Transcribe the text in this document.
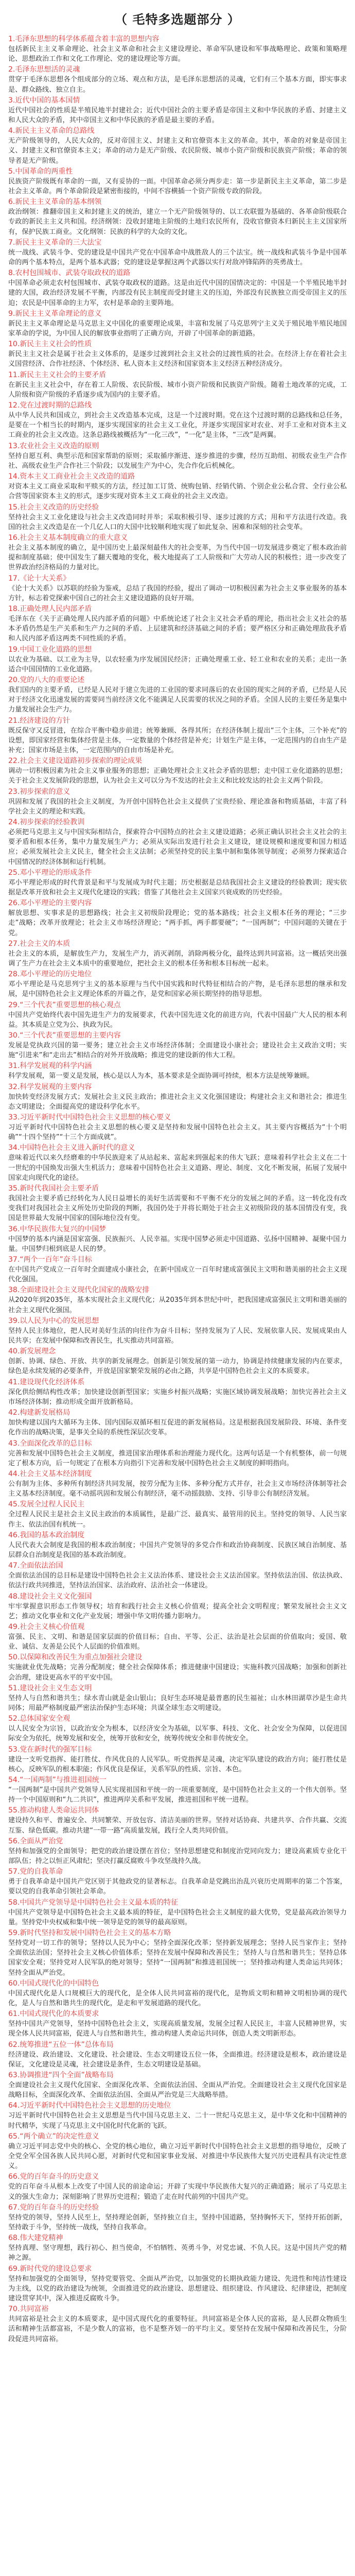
（ 毛特多选题部分 ）
1.毛泽东思想的科学体系蕴含着丰富的思想内容
包括新民主主义革命理论、社会主义革命和社会主义建设理论、革命军队建设和军事战略理论、政策和策略理论、思想政治工作和文化工作理论、党的建设理论等方面。
2.毛泽东思想活的灵魂
贯穿于毛泽东思想各个组成部分的立场、观点和方法，是毛泽东思想活的灵魂，它们有三个基本方面，即实事求是、群众路线、独立自主。
3.近代中国的基本国情
近代中国社会的性质是半殖民地半封建社会；近代中国社会的主要矛盾是帝国主义和中华民族的矛盾、封建主义和人民大众的矛盾，其中帝国主义和中华民族的矛盾是最主要的矛盾。
4.新民主主义革命的总路线
无产阶级领导的，人民大众的，反对帝国主义、封建主义和官僚资本主义的革命。其中，革命的对象是帝国主义、封建主义和官僚资本主义；革命的动力是无产阶级、农民阶级、城市小资产阶级和民族资产阶级；革命的领导者是无产阶级。
5.中国革命的两重性
民族资产阶级既有革命的一面，又有妥协的一面。中国革命必须分两步走：第一步是新民主主义革命，第二步是社会主义革命。两个革命阶段是紧密衔接的，中间不容横插一个资产阶级专政的阶段。
6.新民主主义革命的基本纲领
政治纲领：推翻帝国主义和封建主义的统治，建立一个无产阶级领导的、以工农联盟为基础的、各革命阶级联合专政的新民主主义共和国。经济纲领：没收封建地主阶级的土地归农民所有，没收官僚资本归新民主主义国家所有，保护民族工商业。文化纲领：民族的科学的大众的文化。
7.新民主主义革命的三大法宝
统一战线、武装斗争、党的建设是中国共产党在中国革命中战胜敌人的三个法宝。统一战线和武装斗争是中国革命的两个基本特点，是两个基本武器；党的建设是掌握这两个武器以实行对敌冲锋陷阵的英勇战士。
8.农村包围城市、武装夺取政权的道路
中国革命必须走农村包围城市、武装夺取政权的道路。这是由近代中国的国情决定的：中国是一个半殖民地半封建的大国，政治经济发展不平衡，内部没有民主制度而受封建主义的压迫，外部没有民族独立而受帝国主义的压迫；农民是中国革命的主力军，农村是革命的主要阵地。
9.新民主主义革命理论的意义
新民主主义革命理论是马克思主义中国化的重要理论成果，丰富和发展了马克思列宁主义关于殖民地半殖民地国家革命的学说，为中国人民的解放事业指明了正确方向，开辟了中国革命的新道路。
10.新民主主义社会的性质
新民主主义社会是属于社会主义体系的，是逐步过渡到社会主义社会的过渡性质的社会。在经济上存在着社会主义国营经济、合作社经济、个体经济、私人资本主义经济和国家资本主义经济五种经济成分。
11.新民主主义社会的主要矛盾
在新民主主义社会中，存在着工人阶级、农民阶级、城市小资产阶级和民族资产阶级。随着土地改革的完成，工人阶级和资产阶级的矛盾逐步成为国内的主要矛盾。
12.党在过渡时期的总路线
从中华人民共和国成立，到社会主义改造基本完成，这是一个过渡时期。党在这个过渡时期的总路线和总任务，是要在一个相当长的时期内，逐步实现国家的社会主义工业化，并逐步实现国家对农业、对手工业和对资本主义工商业的社会主义改造。这条总路线被概括为“一化三改”，“一化”是主体，“三改”是两翼。
13.农业社会主义改造的原则
坚持自愿互利、典型示范和国家帮助的原则；采取循序渐进、逐步推进的步骤，经历互助组、初级农业生产合作社、高级农业生产合作社三个阶段；以发展生产为中心，先合作化后机械化。
14.资本主义工商业社会主义改造的道路
对资本主义工商业采取和平赎买的方法，经过加工订货、统购包销、经销代销、个别企业公私合营、全行业公私合营等国家资本主义的形式，逐步实现对资本主义工商业的社会主义改造。
15.社会主义改造的历史经验
坚持社会主义工业化建设与社会主义改造同时并举；采取积极引导、逐步过渡的方式；用和平方法进行改造。我国的社会主义改造是在一个几亿人口的大国中比较顺利地实现了如此复杂、困难和深刻的社会变革。
16.社会主义基本制度确立的重大意义
社会主义基本制度的确立，是中国历史上最深刻最伟大的社会变革，为当代中国一切发展进步奠定了根本政治前提和制度基础；使中国发生了翻天覆地的变化，极大地提高了工人阶级和广大劳动人民的积极性；进一步改变了世界政治经济格局的力量对比。
17.《论十大关系》
《论十大关系》以苏联的经验为鉴戒，总结了我国的经验，提出了调动一切积极因素为社会主义事业服务的基本方针，标志着党探索中国自己的社会主义建设道路的良好开端。
18.正确处理人民内部矛盾
毛泽东在《关于正确处理人民内部矛盾的问题》中系统论述了社会主义社会矛盾的理论，指出社会主义社会的基本矛盾仍然是生产关系和生产力之间的矛盾、上层建筑和经济基础之间的矛盾；要严格区分和正确处理敌我矛盾和人民内部矛盾这两类不同性质的矛盾。
19.中国工业化道路的思想
以农业为基础、以工业为主导，以农轻重为序发展国民经济；正确处理重工业、轻工业和农业的关系；走出一条适合中国国情的工业化道路。
20.党的八大的重要论述
我们国内的主要矛盾，已经是人民对于建立先进的工业国的要求同落后的农业国的现实之间的矛盾，已经是人民对于经济文化迅速发展的需要同当前经济文化不能满足人民需要的状况之间的矛盾。全国人民的主要任务是集中力量发展社会生产力。
21.经济建设的方针
既反保守又反冒进，在综合平衡中稳步前进；统筹兼顾、各得其所；在经济体制上提出“三个主体，三个补充”的设想，即国家经营和集体经营是主体，一定数量的个体经营是补充；计划生产是主体，一定范围内的自由生产是补充；国家市场是主体，一定范围内的自由市场是补充。
22.社会主义建设道路初步探索的理论成果
调动一切积极因素为社会主义事业服务的思想；正确处理社会主义社会矛盾的思想；走中国工业化道路的思想；关于社会主义发展阶段的思想，认为社会主义可以分为不发达的社会主义和比较发达的社会主义两个阶段。
23.初步探索的意义
巩固和发展了我国的社会主义制度，为开创中国特色社会主义提供了宝贵经验、理论准备和物质基础，丰富了科学社会主义的理论和实践。
24.初步探索的经验教训
必须把马克思主义与中国实际相结合，探索符合中国特点的社会主义建设道路；必须正确认识社会主义社会的主要矛盾和根本任务，集中力量发展生产力；必须从实际出发进行社会主义建设，建设规模和速度要和国力相适应；必须发展社会主义民主，健全社会主义法制；必须坚持党的民主集中制和集体领导制度；必须努力探索适合中国情况的经济体制和运行机制。
25.邓小平理论的形成条件
邓小平理论形成的时代背景是和平与发展成为时代主题；历史根据是总结我国社会主义建设的经验教训；现实依据是改革开放和社会主义现代化建设的实践；借鉴了其他社会主义国家兴衰成败的历史经验。
26.邓小平理论的主要内容
解放思想、实事求是的思想路线；社会主义初级阶段理论；党的基本路线；社会主义根本任务的理论；“三步走”战略；改革开放理论；社会主义市场经济理论；“两手抓，两手都要硬”；“一国两制”；中国问题的关键在于党。
27.社会主义的本质
社会主义的本质，是解放生产力，发展生产力，消灭剥削，消除两极分化，最终达到共同富裕。这一概括突出强调了生产力在社会主义本质中的重要地位，把社会主义的根本任务和根本目标统一起来。
28.邓小平理论的历史地位
邓小平理论是马克思列宁主义的基本原理与当代中国实践和时代特征相结合的产物，是毛泽东思想的继承和发展，是中国特色社会主义理论体系的开篇之作，是党和国家必须长期坚持的指导思想。
29.“三个代表”重要思想的核心观点
中国共产党始终代表中国先进生产力的发展要求，代表中国先进文化的前进方向，代表中国最广大人民的根本利益。其本质是立党为公、执政为民。
30.“三个代表”重要思想的主要内容
发展是党执政兴国的第一要务；建立社会主义市场经济体制；全面建设小康社会；建设社会主义政治文明；实施“引进来”和“走出去”相结合的对外开放战略；推进党的建设新的伟大工程。
31.科学发展观的科学内涵
科学发展观，第一要义是发展，核心是以人为本，基本要求是全面协调可持续，根本方法是统筹兼顾。
32.科学发展观的主要内容
加快转变经济发展方式；发展社会主义民主政治；推进社会主义文化强国建设；构建社会主义和谐社会；推进生态文明建设；全面提高党的建设科学化水平。
33.习近平新时代中国特色社会主义思想的核心要义
习近平新时代中国特色社会主义思想的核心要义是坚持和发展中国特色社会主义。其主要内容概括为“十个明确”“十四个坚持”“十三个方面成就”。
34.中国特色社会主义进入新时代的意义
意味着近代以来久经磨难的中华民族迎来了从站起来、富起来到强起来的伟大飞跃；意味着科学社会主义在二十一世纪的中国焕发出强大生机活力；意味着中国特色社会主义道路、理论、制度、文化不断发展，拓展了发展中国家走向现代化的途径。
35.新时代我国社会主要矛盾
我国社会主要矛盾已经转化为人民日益增长的美好生活需要和不平衡不充分的发展之间的矛盾。这一转化没有改变我们对我国社会主义所处历史阶段的判断，我国仍处于并将长期处于社会主义初级阶段的基本国情没有变，我国是世界最大发展中国家的国际地位没有变。
36.中华民族伟大复兴的中国梦
中国梦的基本内涵是国家富强、民族振兴、人民幸福。实现中国梦必须走中国道路、弘扬中国精神、凝聚中国力量。中国梦归根到底是人民的梦。
37.“两个一百年”奋斗目标
在中国共产党成立一百年时全面建成小康社会，在新中国成立一百年时建成富强民主文明和谐美丽的社会主义现代化强国。
38.全面建设社会主义现代化国家的战略安排
从2020年到2035年，基本实现社会主义现代化；从2035年到本世纪中叶，把我国建成富强民主文明和谐美丽的社会主义现代化强国。
39.以人民为中心的发展思想
坚持人民主体地位，把人民对美好生活的向往作为奋斗目标；坚持发展为了人民、发展依靠人民、发展成果由人民共享；在发展中保障和改善民生，扎实推动共同富裕。
40.新发展理念
创新、协调、绿色、开放、共享的新发展理念。创新是引领发展的第一动力，协调是持续健康发展的内在要求，绿色是永续发展的必要条件，开放是国家繁荣发展的必由之路，共享是中国特色社会主义的本质要求。
41.建设现代化经济体系
深化供给侧结构性改革；加快建设创新型国家；实施乡村振兴战略；实施区域协调发展战略；加快完善社会主义市场经济体制；推动形成全面开放新格局。
42.构建新发展格局
加快构建以国内大循环为主体、国内国际双循环相互促进的新发展格局。这是根据我国发展阶段、环境、条件变化作出的战略决策，是事关全局的系统性深层次变革。
43.全面深化改革的总目标
完善和发展中国特色社会主义制度，推进国家治理体系和治理能力现代化。这两句话是一个有机整体，前一句规定了根本方向，后一句规定了在根本方向指引下完善和发展中国特色社会主义制度的鲜明指向。
44.社会主义基本经济制度
公有制为主体、多种所有制经济共同发展，按劳分配为主体、多种分配方式并存，社会主义市场经济体制等社会主义基本经济制度。毫不动摇巩固和发展公有制经济，毫不动摇鼓励、支持、引导非公有制经济发展。
45.发展全过程人民民主
全过程人民民主是社会主义民主政治的本质属性，是最广泛、最真实、最管用的民主。坚持党的领导、人民当家作主、依法治国有机统一。
46.我国的基本政治制度
人民代表大会制度是我国的根本政治制度；中国共产党领导的多党合作和政治协商制度、民族区域自治制度、基层群众自治制度是我国的基本政治制度。
47.全面依法治国
全面依法治国的总目标是建设中国特色社会主义法治体系、建设社会主义法治国家。坚持依法治国、依法执政、依法行政共同推进，坚持法治国家、法治政府、法治社会一体建设。
48.建设社会主义文化强国
牢牢掌握意识形态工作领导权；培育和践行社会主义核心价值观；提高全社会文明程度；繁荣发展社会主义文艺；推动文化事业和文化产业发展；增强中华文明传播力影响力。
49.社会主义核心价值观
富强、民主、文明、和谐是国家层面的价值目标；自由、平等、公正、法治是社会层面的价值取向；爱国、敬业、诚信、友善是公民个人层面的价值准则。
50.以保障和改善民生为重点加强社会建设
实施就业优先战略；完善分配制度；健全社会保障体系；推进健康中国建设；实施科教兴国战略；加强和创新社会治理，建设更高水平的平安中国。
51.建设社会主义生态文明
坚持人与自然和谐共生；绿水青山就是金山银山；良好生态环境是最普惠的民生福祉；山水林田湖草沙是生命共同体；用最严格制度最严密法治保护生态环境；共谋全球生态文明建设。
52.总体国家安全观
以人民安全为宗旨，以政治安全为根本，以经济安全为基础，以军事、科技、文化、社会安全为保障，以促进国际安全为依托，统筹发展和安全，统筹开放和安全，统筹传统安全和非传统安全。
53.党在新时代的强军目标
建设一支听党指挥、能打胜仗、作风优良的人民军队。听党指挥是灵魂，决定军队建设的政治方向；能打胜仗是核心，反映军队的根本职能；作风优良是保证，关系军队的性质、宗旨、本色。
54.“一国两制”与推进祖国统一
“一国两制”是中国共产党领导人民实现祖国和平统一的一项重要制度，是中国特色社会主义的一个伟大创举。坚持一个中国原则和“九二共识”，推进两岸关系和平发展，推进祖国和平统一进程。
55.推动构建人类命运共同体
建设持久和平、普遍安全、共同繁荣、开放包容、清洁美丽的世界。坚持对话协商、共建共享、合作共赢、交流互鉴、绿色低碳。推动共建“一带一路”高质量发展，践行全人类共同价值。
56.全面从严治党
坚持和加强党的全面领导；把党的政治建设摆在首位；坚持思想建党和制度治党同向发力；建设高素质专业化干部队伍；持之以恒正风肃纪；坚决打赢反腐败斗争攻坚战持久战。
57.党的自我革命
勇于自我革命是中国共产党区别于其他政党的显著标志。自我革命是党跳出治乱兴衰历史周期率的第二个答案，要以党的自我革命引领社会革命。
58.中国共产党领导是中国特色社会主义最本质的特征
中国共产党领导是中国特色社会主义最本质的特征，是中国特色社会主义制度的最大优势，党是最高政治领导力量。坚持党中央权威和集中统一领导是党的领导的最高原则。
59.新时代坚持和发展中国特色社会主义的基本方略
坚持党对一切工作的领导；坚持以人民为中心；坚持全面深化改革；坚持新发展理念；坚持人民当家作主；坚持全面依法治国；坚持社会主义核心价值体系；坚持在发展中保障和改善民生；坚持人与自然和谐共生；坚持总体国家安全观；坚持党对人民军队的绝对领导；坚持“一国两制”和推进祖国统一；坚持推动构建人类命运共同体；坚持全面从严治党。
60.中国式现代化的中国特色
中国式现代化是人口规模巨大的现代化，是全体人民共同富裕的现代化，是物质文明和精神文明相协调的现代化，是人与自然和谐共生的现代化，是走和平发展道路的现代化。
61.中国式现代化的本质要求
坚持中国共产党领导，坚持中国特色社会主义，实现高质量发展，发展全过程人民民主，丰富人民精神世界，实现全体人民共同富裕，促进人与自然和谐共生，推动构建人类命运共同体，创造人类文明新形态。
62.统筹推进“五位一体”总体布局
经济建设、政治建设、文化建设、社会建设、生态文明建设五位一体，全面推进。经济建设是根本，政治建设是保证，文化建设是灵魂，社会建设是条件，生态文明建设是基础。
63.协调推进“四个全面”战略布局
全面建设社会主义现代化国家、全面深化改革、全面依法治国、全面从严治党。全面建设社会主义现代化国家是战略目标，全面深化改革、全面依法治国、全面从严治党是三大战略举措。
64.习近平新时代中国特色社会主义思想的历史地位
习近平新时代中国特色社会主义思想是当代中国马克思主义、二十一世纪马克思主义，是中华文化和中国精神的时代精华，实现了马克思主义中国化时代化新的飞跃。
65.“两个确立”的决定性意义
确立习近平同志党中央的核心、全党的核心地位，确立习近平新时代中国特色社会主义思想的指导地位，反映了全党全军全国各族人民共同心愿，对新时代党和国家事业发展、对推进中华民族伟大复兴历史进程具有决定性意义。
66.党的百年奋斗的历史意义
党的百年奋斗从根本上改变了中国人民的前途命运；开辟了实现中华民族伟大复兴的正确道路；展示了马克思主义的强大生命力；深刻影响了世界历史进程；锻造了走在时代前列的中国共产党。
67.党的百年奋斗的历史经验
坚持党的领导，坚持人民至上，坚持理论创新，坚持独立自主，坚持中国道路，坚持胸怀天下，坚持开拓创新，坚持敢于斗争，坚持统一战线，坚持自我革命。
68.伟大建党精神
坚持真理、坚守理想，践行初心、担当使命，不怕牺牲、英勇斗争，对党忠诚、不负人民。这是中国共产党的精神之源。
69.新时代党的建设总要求
坚持和加强党的全面领导，坚持党要管党、全面从严治党，以加强党的长期执政能力建设、先进性和纯洁性建设为主线，以党的政治建设为统领，全面推进党的政治建设、思想建设、组织建设、作风建设、纪律建设，把制度建设贯穿其中，深入推进反腐败斗争。
70.共同富裕
共同富裕是社会主义的本质要求，是中国式现代化的重要特征。共同富裕是全体人民的富裕，是人民群众物质生活和精神生活都富裕，不是少数人的富裕，也不是整齐划一的平均主义。要坚持在发展中保障和改善民生，分阶段促进共同富裕。
